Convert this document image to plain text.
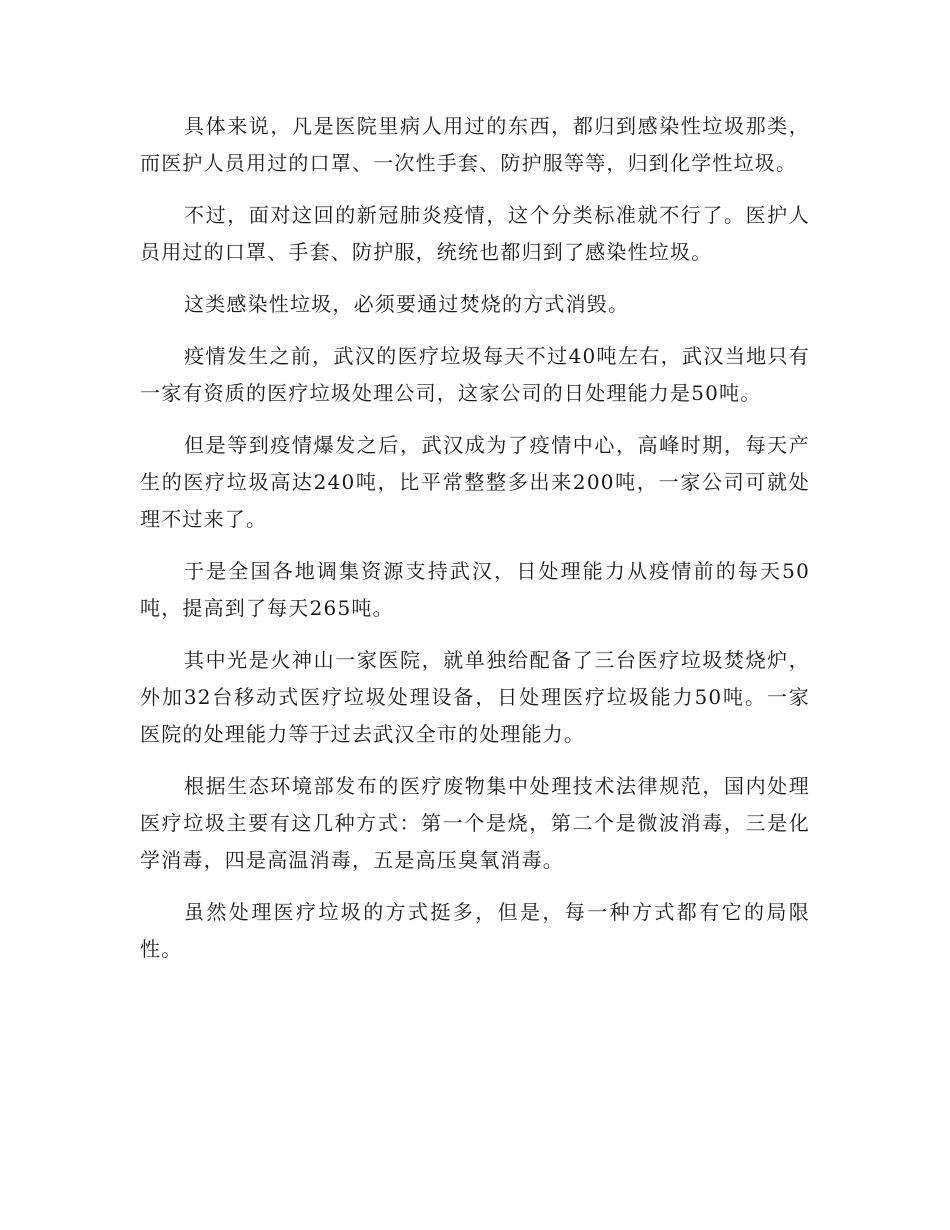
具体来说，凡是医院里病人用过的东西，都归到感染性垃圾那类，而医护人员用过的口罩、一次性手套、防护服等等，归到化学性垃圾。

不过，面对这回的新冠肺炎疫情，这个分类标准就不行了。医护人员用过的口罩、手套、防护服，统统也都归到了感染性垃圾。

这类感染性垃圾，必须要通过焚烧的方式消毁。

疫情发生之前，武汉的医疗垃圾每天不过40吨左右，武汉当地只有一家有资质的医疗垃圾处理公司，这家公司的日处理能力是50吨。

但是等到疫情爆发之后，武汉成为了疫情中心，高峰时期，每天产生的医疗垃圾高达240吨，比平常整整多出来200吨，一家公司可就处理不过来了。

于是全国各地调集资源支持武汉，日处理能力从疫情前的每天50吨，提高到了每天265吨。

其中光是火神山一家医院，就单独给配备了三台医疗垃圾焚烧炉，外加32台移动式医疗垃圾处理设备，日处理医疗垃圾能力50吨。一家医院的处理能力等于过去武汉全市的处理能力。

根据生态环境部发布的医疗废物集中处理技术法律规范，国内处理医疗垃圾主要有这几种方式：第一个是烧，第二个是微波消毒，三是化学消毒，四是高温消毒，五是高压臭氧消毒。

虽然处理医疗垃圾的方式挺多，但是，每一种方式都有它的局限性。
